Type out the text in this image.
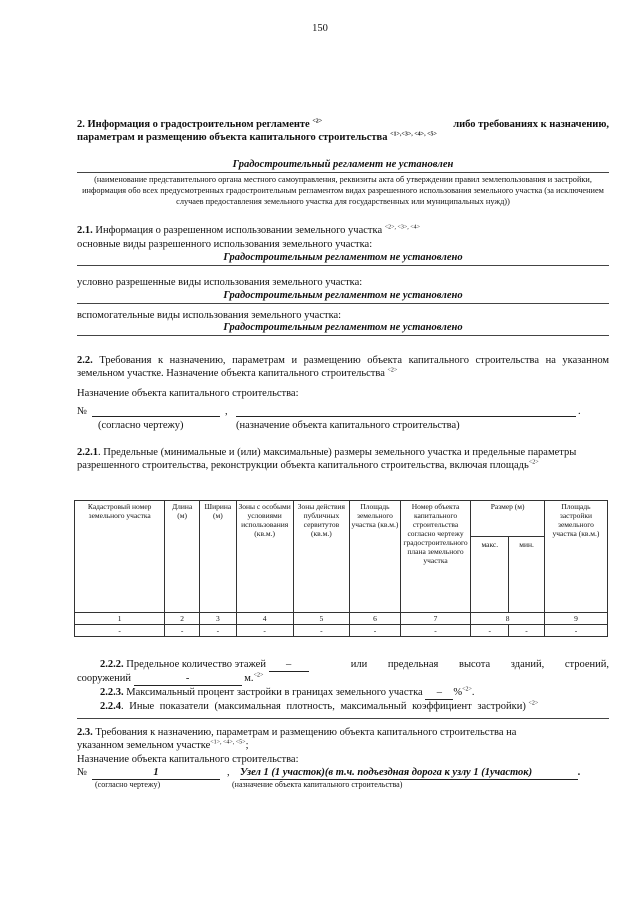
150
2. Информация о градостроительном регламенте $^{<2>}$	либо требованиях к назначению,
параметрам и размещению объекта капитального строительства $^{<1>,<3>, <4>, <5>}$
Градостроительный регламент не установлен
(наименование представительного органа местного самоуправления, реквизиты акта об утверждении правил землепользования и застройки, информация обо всех предусмотренных градостроительным регламентом видах разрешенного использования земельного участка (за исключением случаев предоставления земельного участка для государственных или муниципальных нужд))
2.1. Информация о разрешенном использовании земельного участка $^{<2>, <3>, <4>}$
основные виды разрешенного использования земельного участка:
Градостроительным регламентом не установлено
условно разрешенные виды использования земельного участка:
Градостроительным регламентом не установлено
вспомогательные виды использования земельного участка:
Градостроительным регламентом не установлено
2.2. Требования к назначению, параметрам и размещению объекта капитального строительства на указанном земельном участке. Назначение объекта капитального строительства $^{<2>}$
Назначение объекта капитального строительства:
№	,	.
(согласно чертежу)	(назначение объекта капитального строительства)
2.2.1. Предельные (минимальные и (или) максимальные) размеры земельного участка и предельные параметры разрешенного строительства, реконструкции объекта капитального строительства, включая площадь$^{<2>}$
Кадастровый номер земельного участка	Длина (м)	Ширина (м)	Зоны с особыми условиями использования (кв.м.)	Зоны действия публичных сервитутов (кв.м.)	Площадь земельного участка (кв.м.)	Номер объекта капитального строительства согласно чертежу градостроительного плана земельного участка	Размер (м)		Площадь застройки земельного участка (кв.м.)
							макс.	мин.	
1	2	3	4	5	6	7	8		9
-	-	-	-	-	-	-	-	-	-
2.2.2. Предельное количество этажей –	или предельная высота зданий, строений,
сооружений	-	м.$^{<2>}$
2.2.3. Максимальный процент застройки в границах земельного участка – %$^{<2>}$.
2.2.4. Иные показатели (максимальная плотность, максимальный коэффициент застройки) $^{<2>}$
2.3. Требования к назначению, параметрам и размещению объекта капитального строительства на
указанном земельном участке$^{<1>, <4>, <5>}$;
Назначение объекта капитального строительства:
№	1	, Узел 1 (1 участок)(в т.ч. подъездная дорога к узлу 1 (1участок)	.
(согласно чертежу)	(назначение объекта капитального строительства)
